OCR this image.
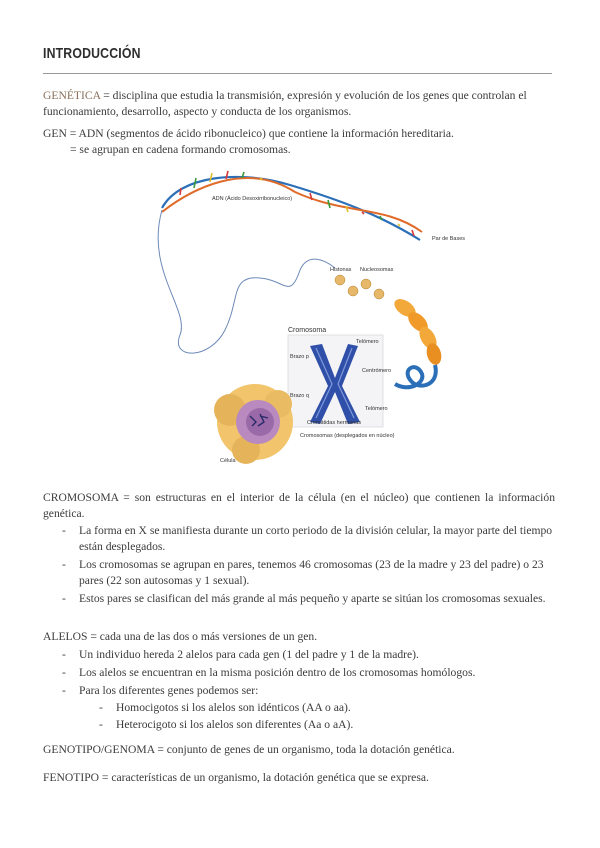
INTRODUCCIÓN
GENÉTICA = disciplina que estudia la transmisión, expresión y evolución de los genes que controlan el funcionamiento, desarrollo, aspecto y conducta de los organismos.
GEN = ADN (segmentos de ácido ribonucleico) que contiene la información hereditaria.
= se agrupan en cadena formando cromosomas.
ADN (Ácido Desoxirribonucleico)
Par de Bases
Histonas Nucleosomas
Cromosoma
Telómero
Brazo p
Centrómero
Brazo q
Telómero
Cromátidas hermanas
Cromosomas (desplegados en núcleo)
Célula
CROMOSOMA = son estructuras en el interior de la célula (en el núcleo) que contienen la información genética.
- La forma en X se manifiesta durante un corto periodo de la división celular, la mayor parte del tiempo están desplegados.
- Los cromosomas se agrupan en pares, tenemos 46 cromosomas (23 de la madre y 23 del padre) o 23 pares (22 son autosomas y 1 sexual).
- Estos pares se clasifican del más grande al más pequeño y aparte se sitúan los cromosomas sexuales.
ALELOS = cada una de las dos o más versiones de un gen.
- Un individuo hereda 2 alelos para cada gen (1 del padre y 1 de la madre).
- Los alelos se encuentran en la misma posición dentro de los cromosomas homólogos.
- Para los diferentes genes podemos ser:
- Homocigotos si los alelos son idénticos (AA o aa).
- Heterocigoto si los alelos son diferentes (Aa o aA).
GENOTIPO/GENOMA = conjunto de genes de un organismo, toda la dotación genética.
FENOTIPO = características de un organismo, la dotación genética que se expresa.
